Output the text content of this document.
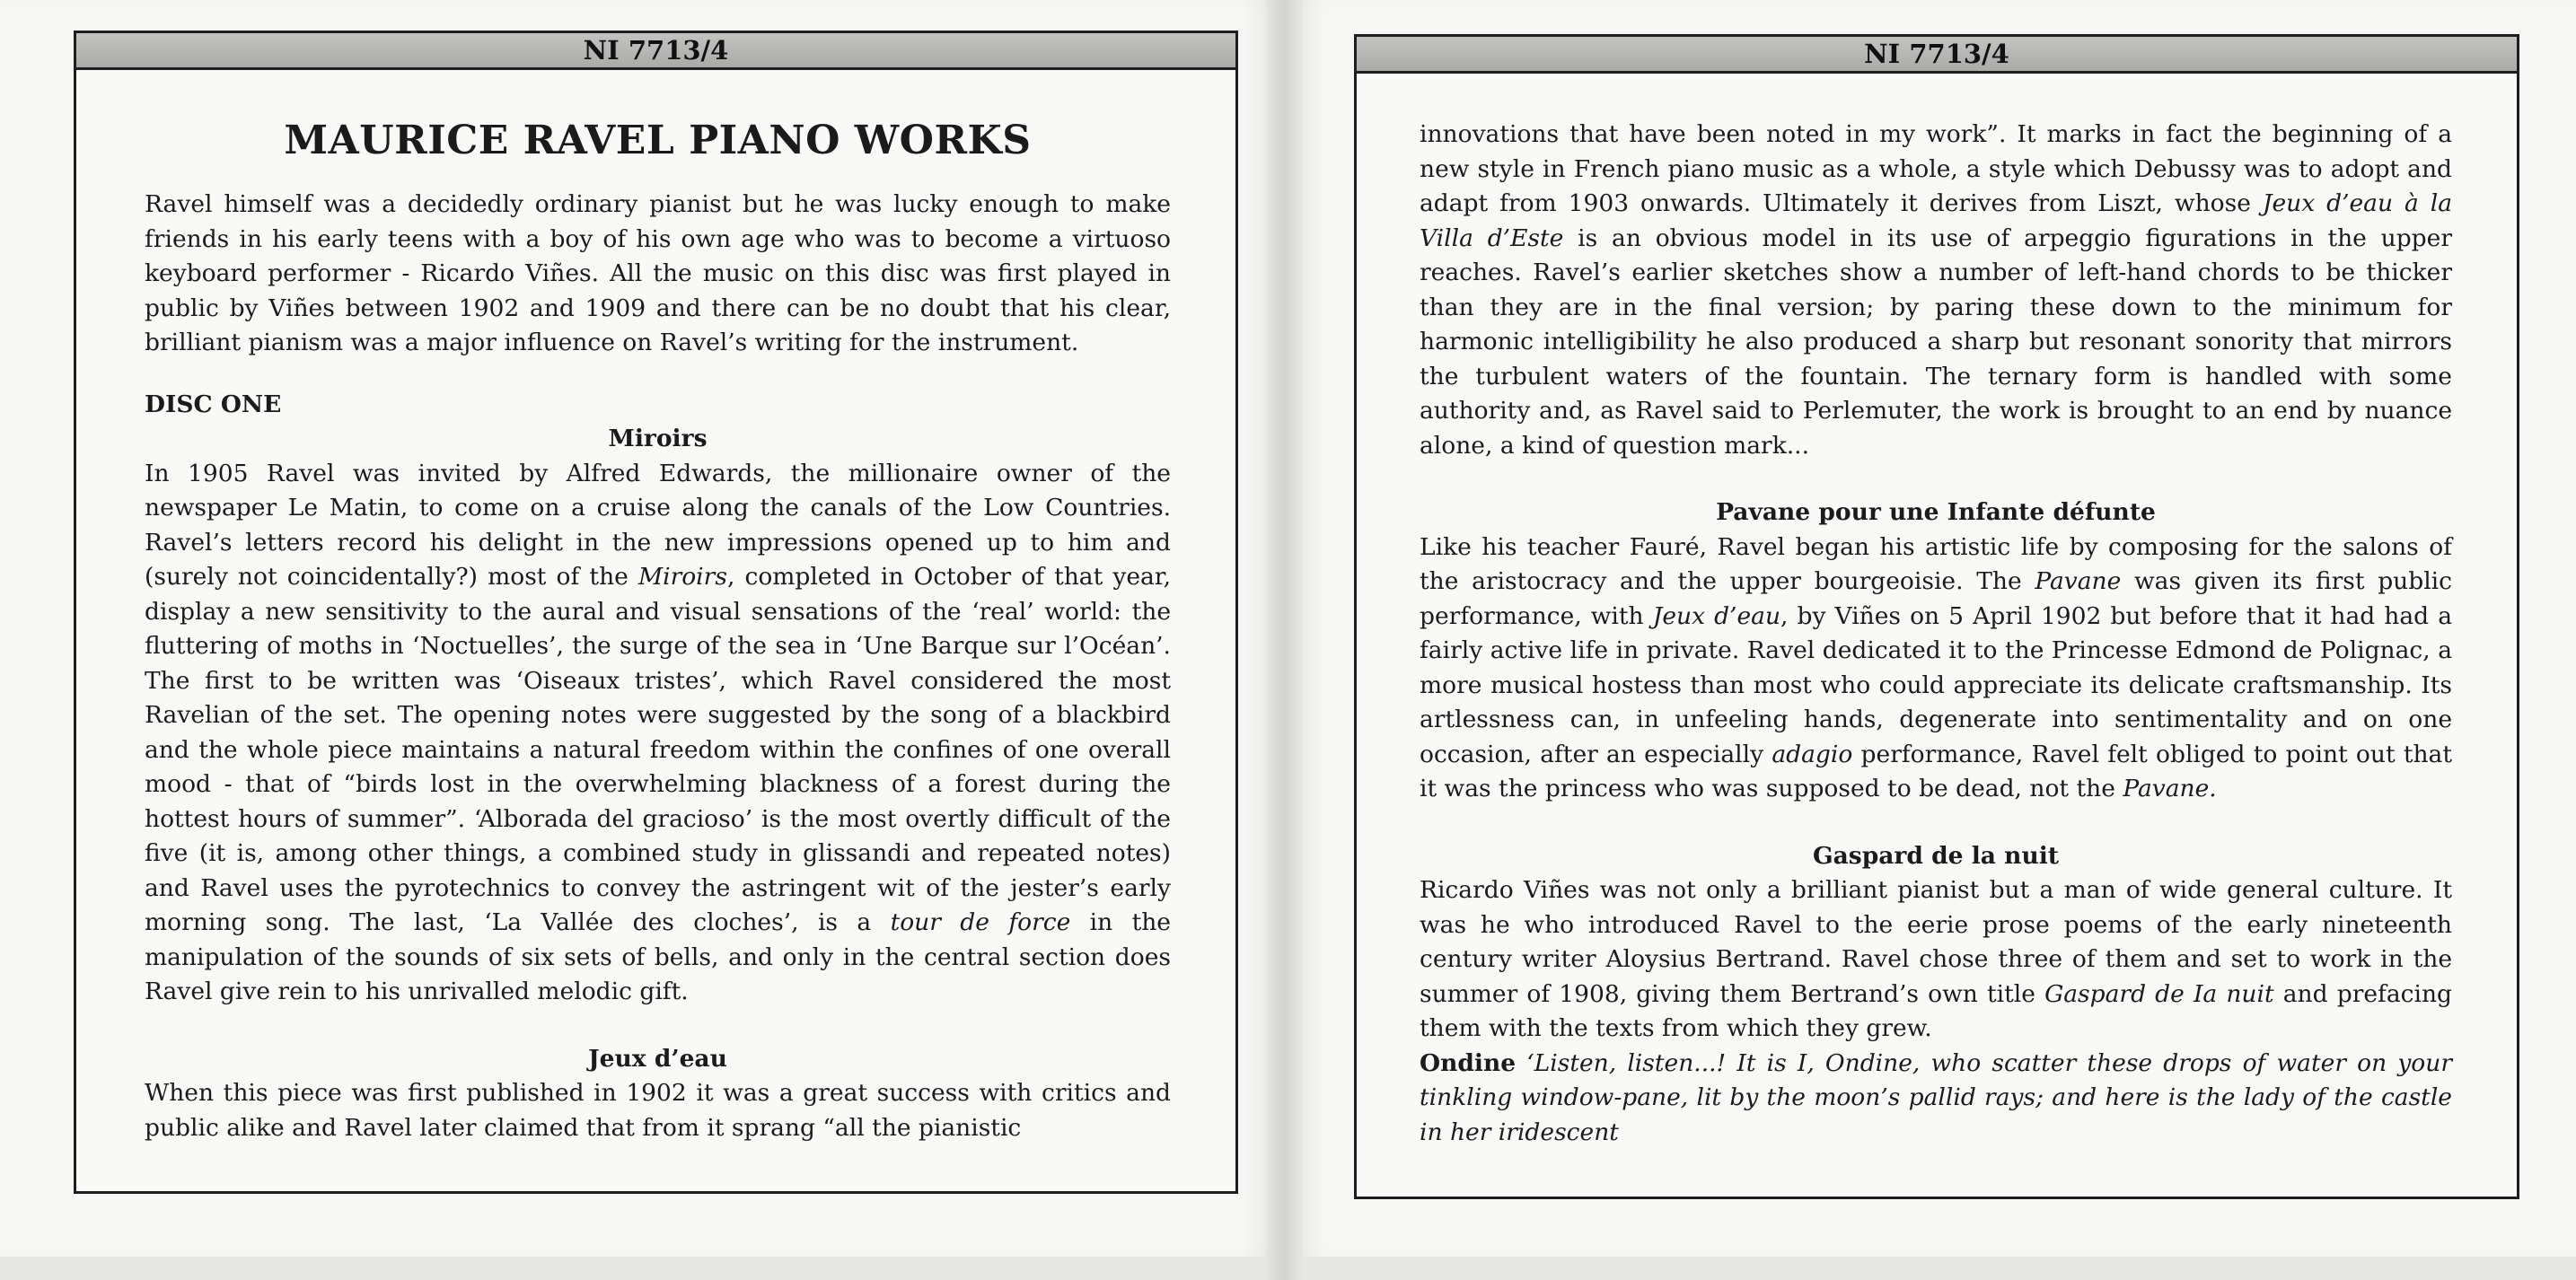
NI 7713/4
MAURICE RAVEL PIANO WORKS

Ravel himself was a decidedly ordinary pianist but he was lucky enough to make friends in his early teens with a boy of his own age who was to become a virtuoso keyboard performer - Ricardo Viñes. All the music on this disc was first played in public by Viñes between 1902 and 1909 and there can be no doubt that his clear, brilliant pianism was a major influence on Ravel’s writing for the instrument.

DISC ONE

Miroirs

In 1905 Ravel was invited by Alfred Edwards, the millionaire owner of the newspaper Le Matin, to come on a cruise along the canals of the Low Countries. Ravel’s letters record his delight in the new impressions opened up to him and (surely not coincidentally?) most of the Miroirs, completed in October of that year, display a new sensitivity to the aural and visual sensations of the ‘real’ world: the fluttering of moths in ‘Noctuelles’, the surge of the sea in ‘Une Barque sur l’Océan’. The first to be written was ‘Oiseaux tristes’, which Ravel considered the most Ravelian of the set. The opening notes were suggested by the song of a blackbird and the whole piece maintains a natural freedom within the confines of one overall mood - that of “birds lost in the overwhelming blackness of a forest during the hottest hours of summer”. ‘Alborada del gracioso’ is the most overtly difficult of the five (it is, among other things, a combined study in glissandi and repeated notes) and Ravel uses the pyrotechnics to convey the astringent wit of the jester’s early morning song. The last, ‘La Vallée des cloches’, is a tour de force in the manipulation of the sounds of six sets of bells, and only in the central section does Ravel give rein to his unrivalled melodic gift.

Jeux d’eau

When this piece was first published in 1902 it was a great success with critics and public alike and Ravel later claimed that from it sprang “all the pianistic

NI 7713/4

innovations that have been noted in my work”. It marks in fact the beginning of a new style in French piano music as a whole, a style which Debussy was to adopt and adapt from 1903 onwards. Ultimately it derives from Liszt, whose Jeux d’eau à la Villa d’Este is an obvious model in its use of arpeggio figurations in the upper reaches. Ravel’s earlier sketches show a number of left-hand chords to be thicker than they are in the final version; by paring these down to the minimum for harmonic intelligibility he also produced a sharp but resonant sonority that mirrors the turbulent waters of the fountain. The ternary form is handled with some authority and, as Ravel said to Perlemuter, the work is brought to an end by nuance alone, a kind of question mark...

Pavane pour une Infante défunte

Like his teacher Fauré, Ravel began his artistic life by composing for the salons of the aristocracy and the upper bourgeoisie. The Pavane was given its first public performance, with Jeux d’eau, by Viñes on 5 April 1902 but before that it had had a fairly active life in private. Ravel dedicated it to the Princesse Edmond de Polignac, a more musical hostess than most who could appreciate its delicate craftsmanship. Its artlessness can, in unfeeling hands, degenerate into sentimentality and on one occasion, after an especially adagio performance, Ravel felt obliged to point out that it was the princess who was supposed to be dead, not the Pavane.

Gaspard de la nuit

Ricardo Viñes was not only a brilliant pianist but a man of wide general culture. It was he who introduced Ravel to the eerie prose poems of the early nineteenth century writer Aloysius Bertrand. Ravel chose three of them and set to work in the summer of 1908, giving them Bertrand’s own title Gaspard de Ia nuit and prefacing them with the texts from which they grew.

Ondine ‘Listen, listen...! It is I, Ondine, who scatter these drops of water on your tinkling window-pane, lit by the moon’s pallid rays; and here is the lady of the castle in her iridescent
